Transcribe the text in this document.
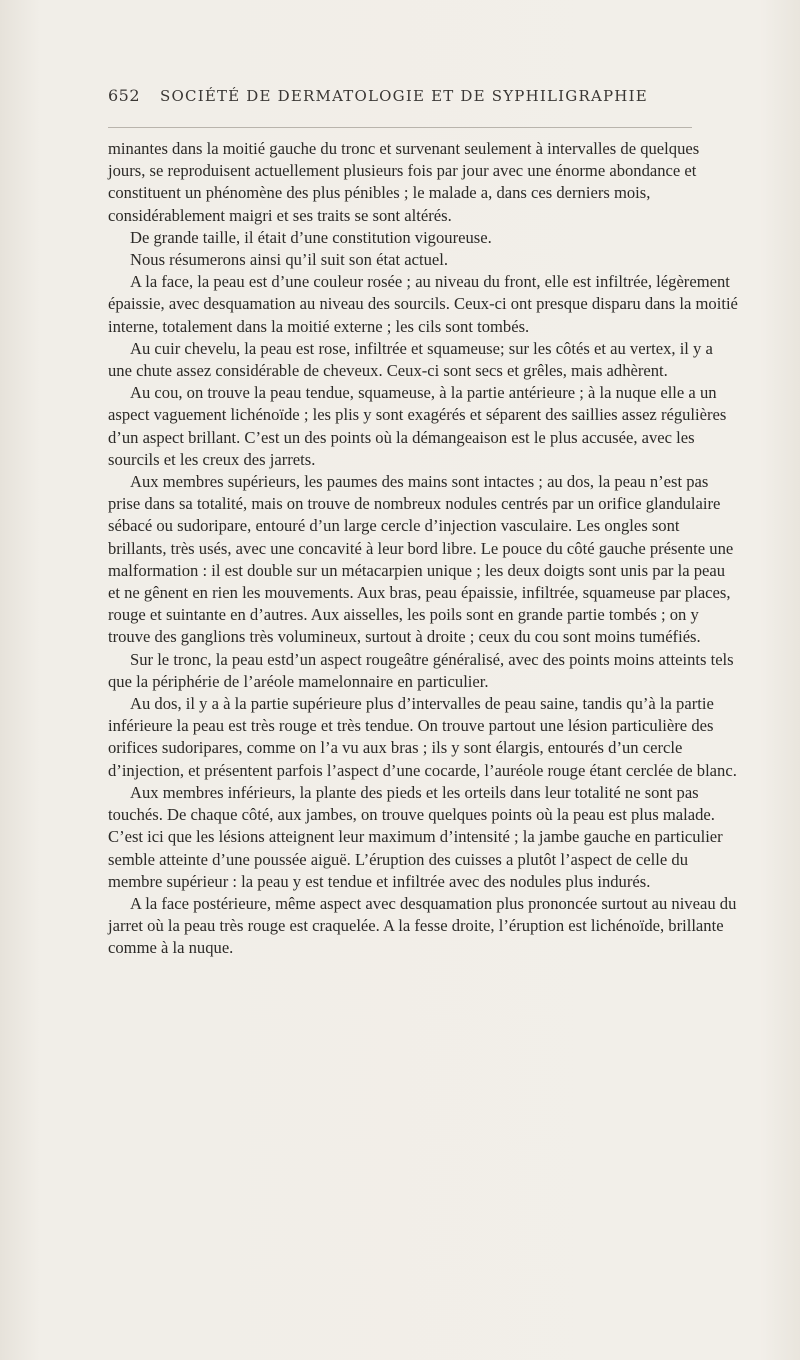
652 SOCIÉTÉ DE DERMATOLOGIE ET DE SYPHILIGRAPHIE

minantes dans la moitié gauche du tronc et survenant seulement à intervalles de quelques jours, se reproduisent actuellement plusieurs fois par jour avec une énorme abondance et constituent un phénomène des plus pénibles ; le malade a, dans ces derniers mois, considérablement maigri et ses traits se sont altérés.

De grande taille, il était d’une constitution vigoureuse.

Nous résumerons ainsi qu’il suit son état actuel.

A la face, la peau est d’une couleur rosée ; au niveau du front, elle est infiltrée, légèrement épaissie, avec desquamation au niveau des sourcils. Ceux-ci ont presque disparu dans la moitié interne, totalement dans la moitié externe ; les cils sont tombés.

Au cuir chevelu, la peau est rose, infiltrée et squameuse; sur les côtés et au vertex, il y a une chute assez considérable de cheveux. Ceux-ci sont secs et grêles, mais adhèrent.

Au cou, on trouve la peau tendue, squameuse, à la partie antérieure ; à la nuque elle a un aspect vaguement lichénoïde ; les plis y sont exagérés et séparent des saillies assez régulières d’un aspect brillant. C’est un des points où la démangeaison est le plus accusée, avec les sourcils et les creux des jarrets.

Aux membres supérieurs, les paumes des mains sont intactes ; au dos, la peau n’est pas prise dans sa totalité, mais on trouve de nombreux nodules centrés par un orifice glandulaire sébacé ou sudoripare, entouré d’un large cercle d’injection vasculaire. Les ongles sont brillants, très usés, avec une concavité à leur bord libre. Le pouce du côté gauche présente une malformation : il est double sur un métacarpien unique ; les deux doigts sont unis par la peau et ne gênent en rien les mouvements. Aux bras, peau épaissie, infiltrée, squameuse par places, rouge et suintante en d’autres. Aux aisselles, les poils sont en grande partie tombés ; on y trouve des ganglions très volumineux, surtout à droite ; ceux du cou sont moins tuméfiés.

Sur le tronc, la peau estd’un aspect rougeâtre généralisé, avec des points moins atteints tels que la périphérie de l’aréole mamelonnaire en particulier.

Au dos, il y a à la partie supérieure plus d’intervalles de peau saine, tandis qu’à la partie inférieure la peau est très rouge et très tendue. On trouve partout une lésion particulière des orifices sudoripares, comme on l’a vu aux bras ; ils y sont élargis, entourés d’un cercle d’injection, et présentent parfois l’aspect d’une cocarde, l’auréole rouge étant cerclée de blanc.

Aux membres inférieurs, la plante des pieds et les orteils dans leur totalité ne sont pas touchés. De chaque côté, aux jambes, on trouve quelques points où la peau est plus malade. C’est ici que les lésions atteignent leur maximum d’intensité ; la jambe gauche en particulier semble atteinte d’une poussée aiguë. L’éruption des cuisses a plutôt l’aspect de celle du membre supérieur : la peau y est tendue et infiltrée avec des nodules plus indurés.

A la face postérieure, même aspect avec desquamation plus prononcée surtout au niveau du jarret où la peau très rouge est craquelée. A la fesse droite, l’éruption est lichénoïde, brillante comme à la nuque.
